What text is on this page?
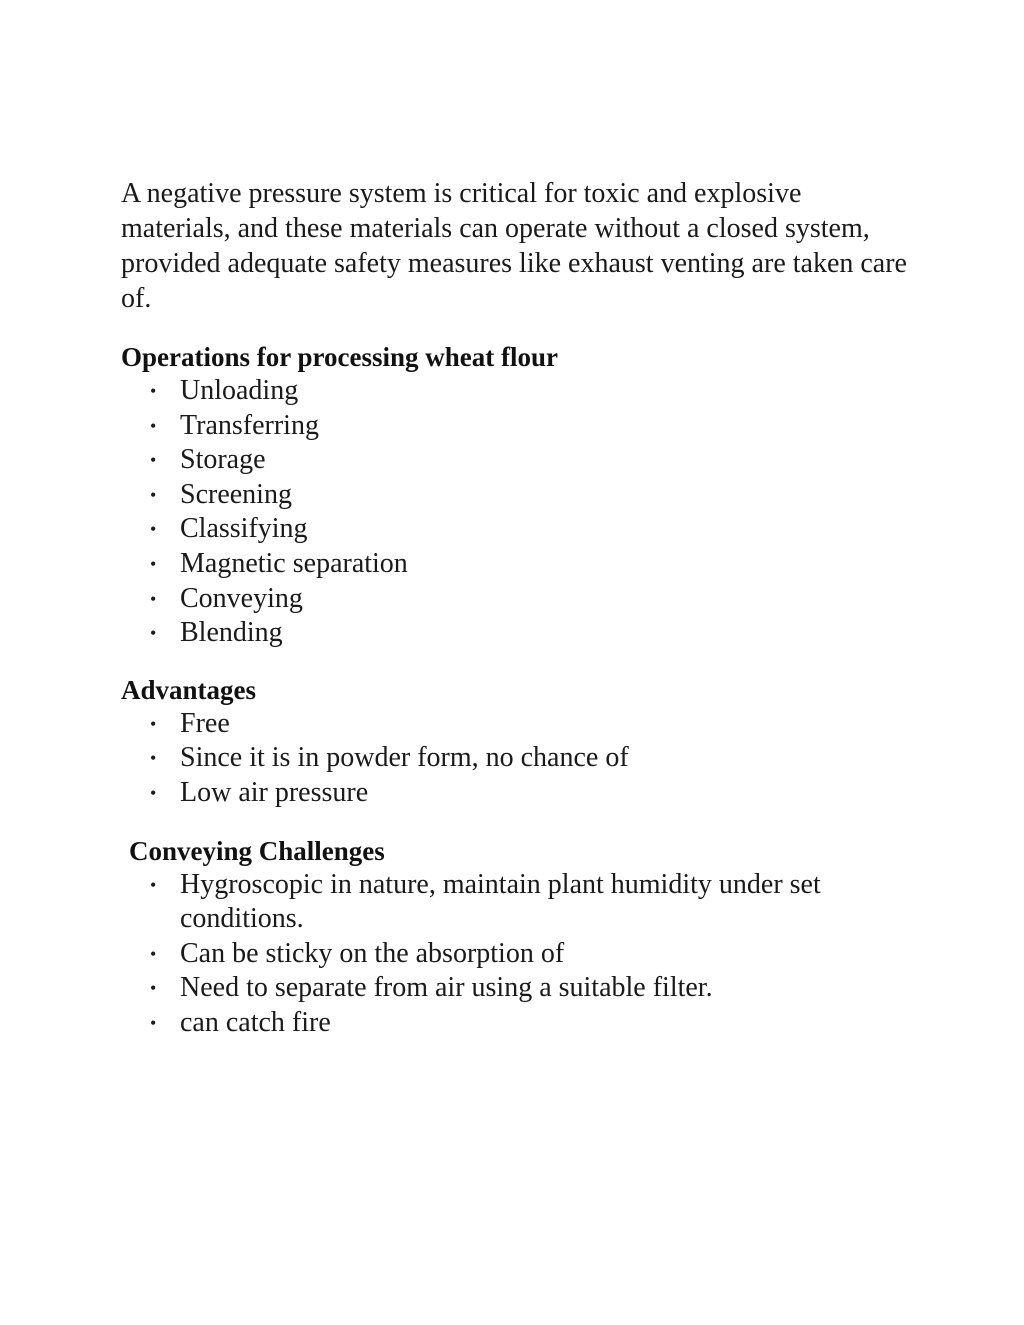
A negative pressure system is critical for toxic and explosive materials, and these materials can operate without a closed system, provided adequate safety measures like exhaust venting are taken care of.

Operations for processing wheat flour
• Unloading
• Transferring
• Storage
• Screening
• Classifying
• Magnetic separation
• Conveying
• Blending
Advantages
• Free
• Since it is in powder form, no chance of
• Low air pressure
Conveying Challenges
• Hygroscopic in nature, maintain plant humidity under set conditions.
• Can be sticky on the absorption of
• Need to separate from air using a suitable filter.
• can catch fire
